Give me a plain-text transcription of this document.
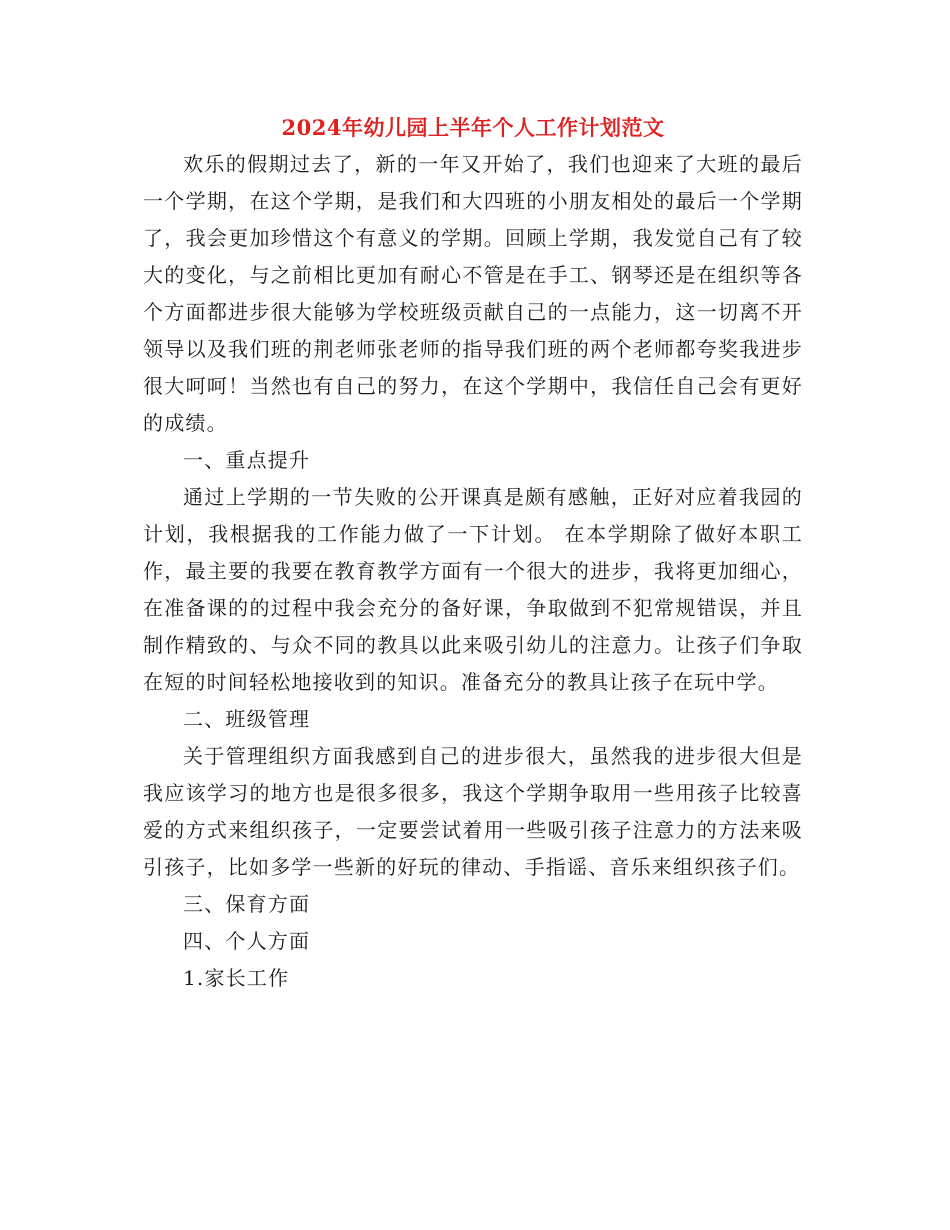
2024年幼儿园上半年个人工作计划范文

欢乐的假期过去了，新的一年又开始了，我们也迎来了大班的最后一个学期，在这个学期，是我们和大四班的小朋友相处的最后一个学期了，我会更加珍惜这个有意义的学期。回顾上学期，我发觉自己有了较大的变化，与之前相比更加有耐心不管是在手工、钢琴还是在组织等各个方面都进步很大能够为学校班级贡献自己的一点能力，这一切离不开领导以及我们班的荆老师张老师的指导我们班的两个老师都夸奖我进步很大呵呵！当然也有自己的努力，在这个学期中，我信任自己会有更好的成绩。

一、重点提升

通过上学期的一节失败的公开课真是颇有感触，正好对应着我园的计划，我根据我的工作能力做了一下计划。 在本学期除了做好本职工作，最主要的我要在教育教学方面有一个很大的进步，我将更加细心，在准备课的的过程中我会充分的备好课，争取做到不犯常规错误，并且制作精致的、与众不同的教具以此来吸引幼儿的注意力。让孩子们争取在短的时间轻松地接收到的知识。准备充分的教具让孩子在玩中学。

二、班级管理

关于管理组织方面我感到自己的进步很大，虽然我的进步很大但是我应该学习的地方也是很多很多，我这个学期争取用一些用孩子比较喜爱的方式来组织孩子，一定要尝试着用一些吸引孩子注意力的方法来吸引孩子，比如多学一些新的好玩的律动、手指谣、音乐来组织孩子们。

三、保育方面

四、个人方面

1.家长工作
